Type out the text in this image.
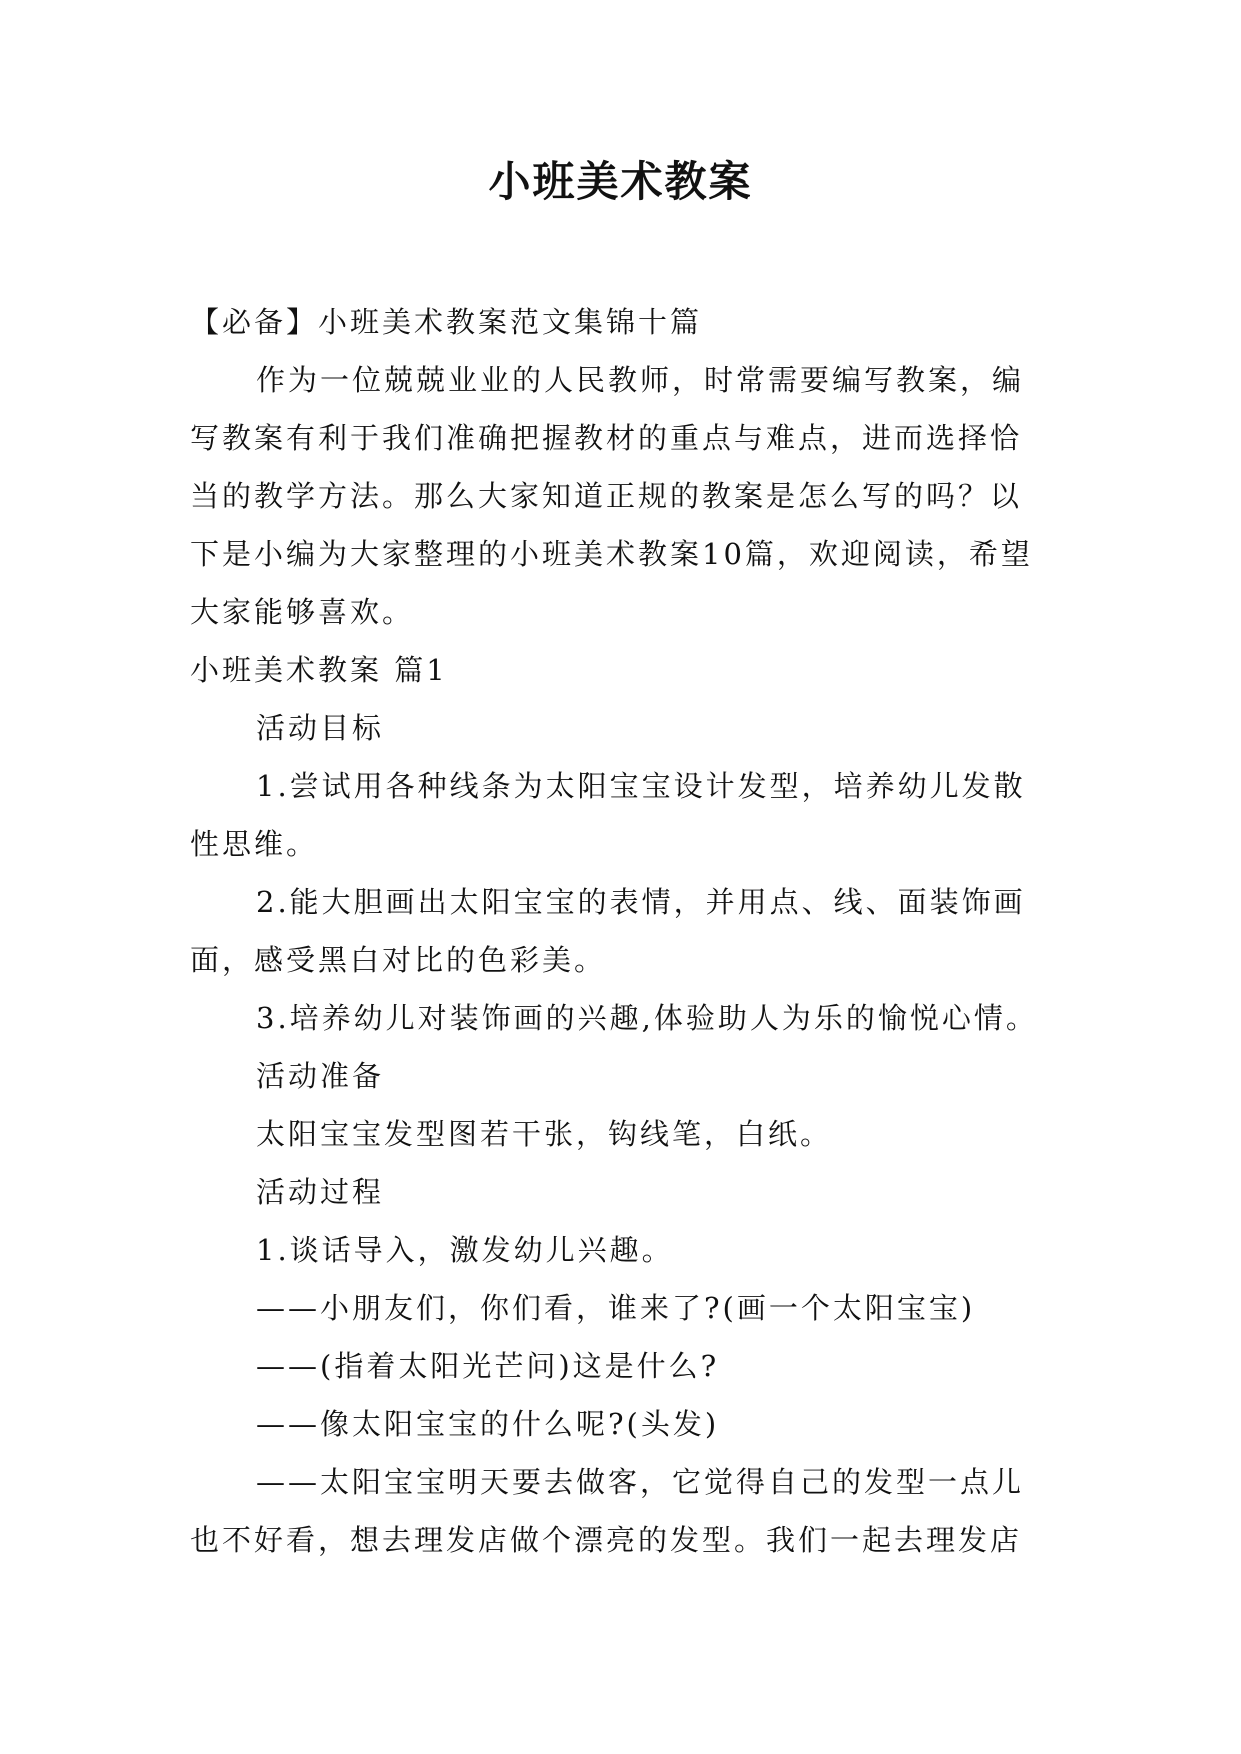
小班美术教案

【必备】小班美术教案范文集锦十篇

作为一位兢兢业业的人民教师，时常需要编写教案，编写教案有利于我们准确把握教材的重点与难点，进而选择恰当的教学方法。那么大家知道正规的教案是怎么写的吗？以下是小编为大家整理的小班美术教案10篇，欢迎阅读，希望大家能够喜欢。

小班美术教案 篇1

活动目标

1.尝试用各种线条为太阳宝宝设计发型，培养幼儿发散性思维。

2.能大胆画出太阳宝宝的表情，并用点、线、面装饰画面，感受黑白对比的色彩美。

3.培养幼儿对装饰画的兴趣,体验助人为乐的愉悦心情。

活动准备

太阳宝宝发型图若干张，钩线笔，白纸。

活动过程

1.谈话导入，激发幼儿兴趣。

——小朋友们，你们看，谁来了?(画一个太阳宝宝)

——(指着太阳光芒问)这是什么?

——像太阳宝宝的什么呢?(头发)

——太阳宝宝明天要去做客，它觉得自己的发型一点儿也不好看，想去理发店做个漂亮的发型。我们一起去理发店
